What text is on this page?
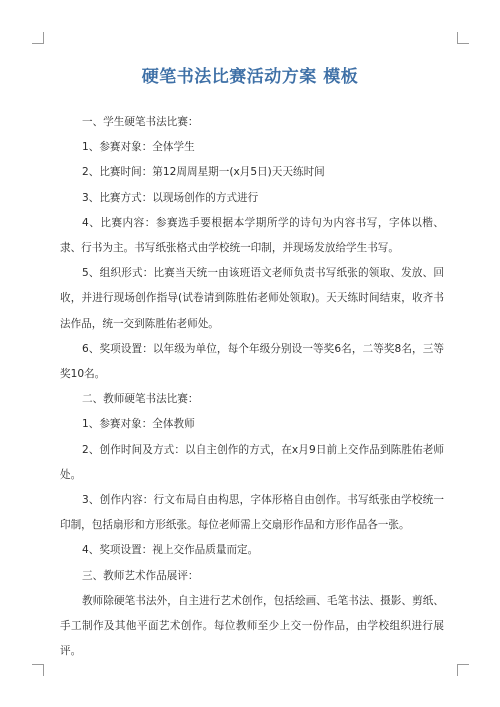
硬笔书法比赛活动方案 模板

一、学生硬笔书法比赛：

1、参赛对象：全体学生

2、比赛时间：第12周周星期一(x月5日)天天练时间

3、比赛方式：以现场创作的方式进行

4、比赛内容：参赛选手要根据本学期所学的诗句为内容书写，字体以楷、隶、行书为主。书写纸张格式由学校统一印制，并现场发放给学生书写。

5、组织形式：比赛当天统一由该班语文老师负责书写纸张的领取、发放、回收，并进行现场创作指导(试卷请到陈胜佑老师处领取)。天天练时间结束，收齐书法作品，统一交到陈胜佑老师处。

6、奖项设置：以年级为单位，每个年级分别设一等奖6名，二等奖8名，三等奖10名。

二、教师硬笔书法比赛：

1、参赛对象：全体教师

2、创作时间及方式：以自主创作的方式，在x月9日前上交作品到陈胜佑老师处。

3、创作内容：行文布局自由构思，字体形格自由创作。书写纸张由学校统一印制，包括扇形和方形纸张。每位老师需上交扇形作品和方形作品各一张。

4、奖项设置：视上交作品质量而定。

三、教师艺术作品展评：

教师除硬笔书法外，自主进行艺术创作，包括绘画、毛笔书法、摄影、剪纸、手工制作及其他平面艺术创作。每位教师至少上交一份作品，由学校组织进行展评。
